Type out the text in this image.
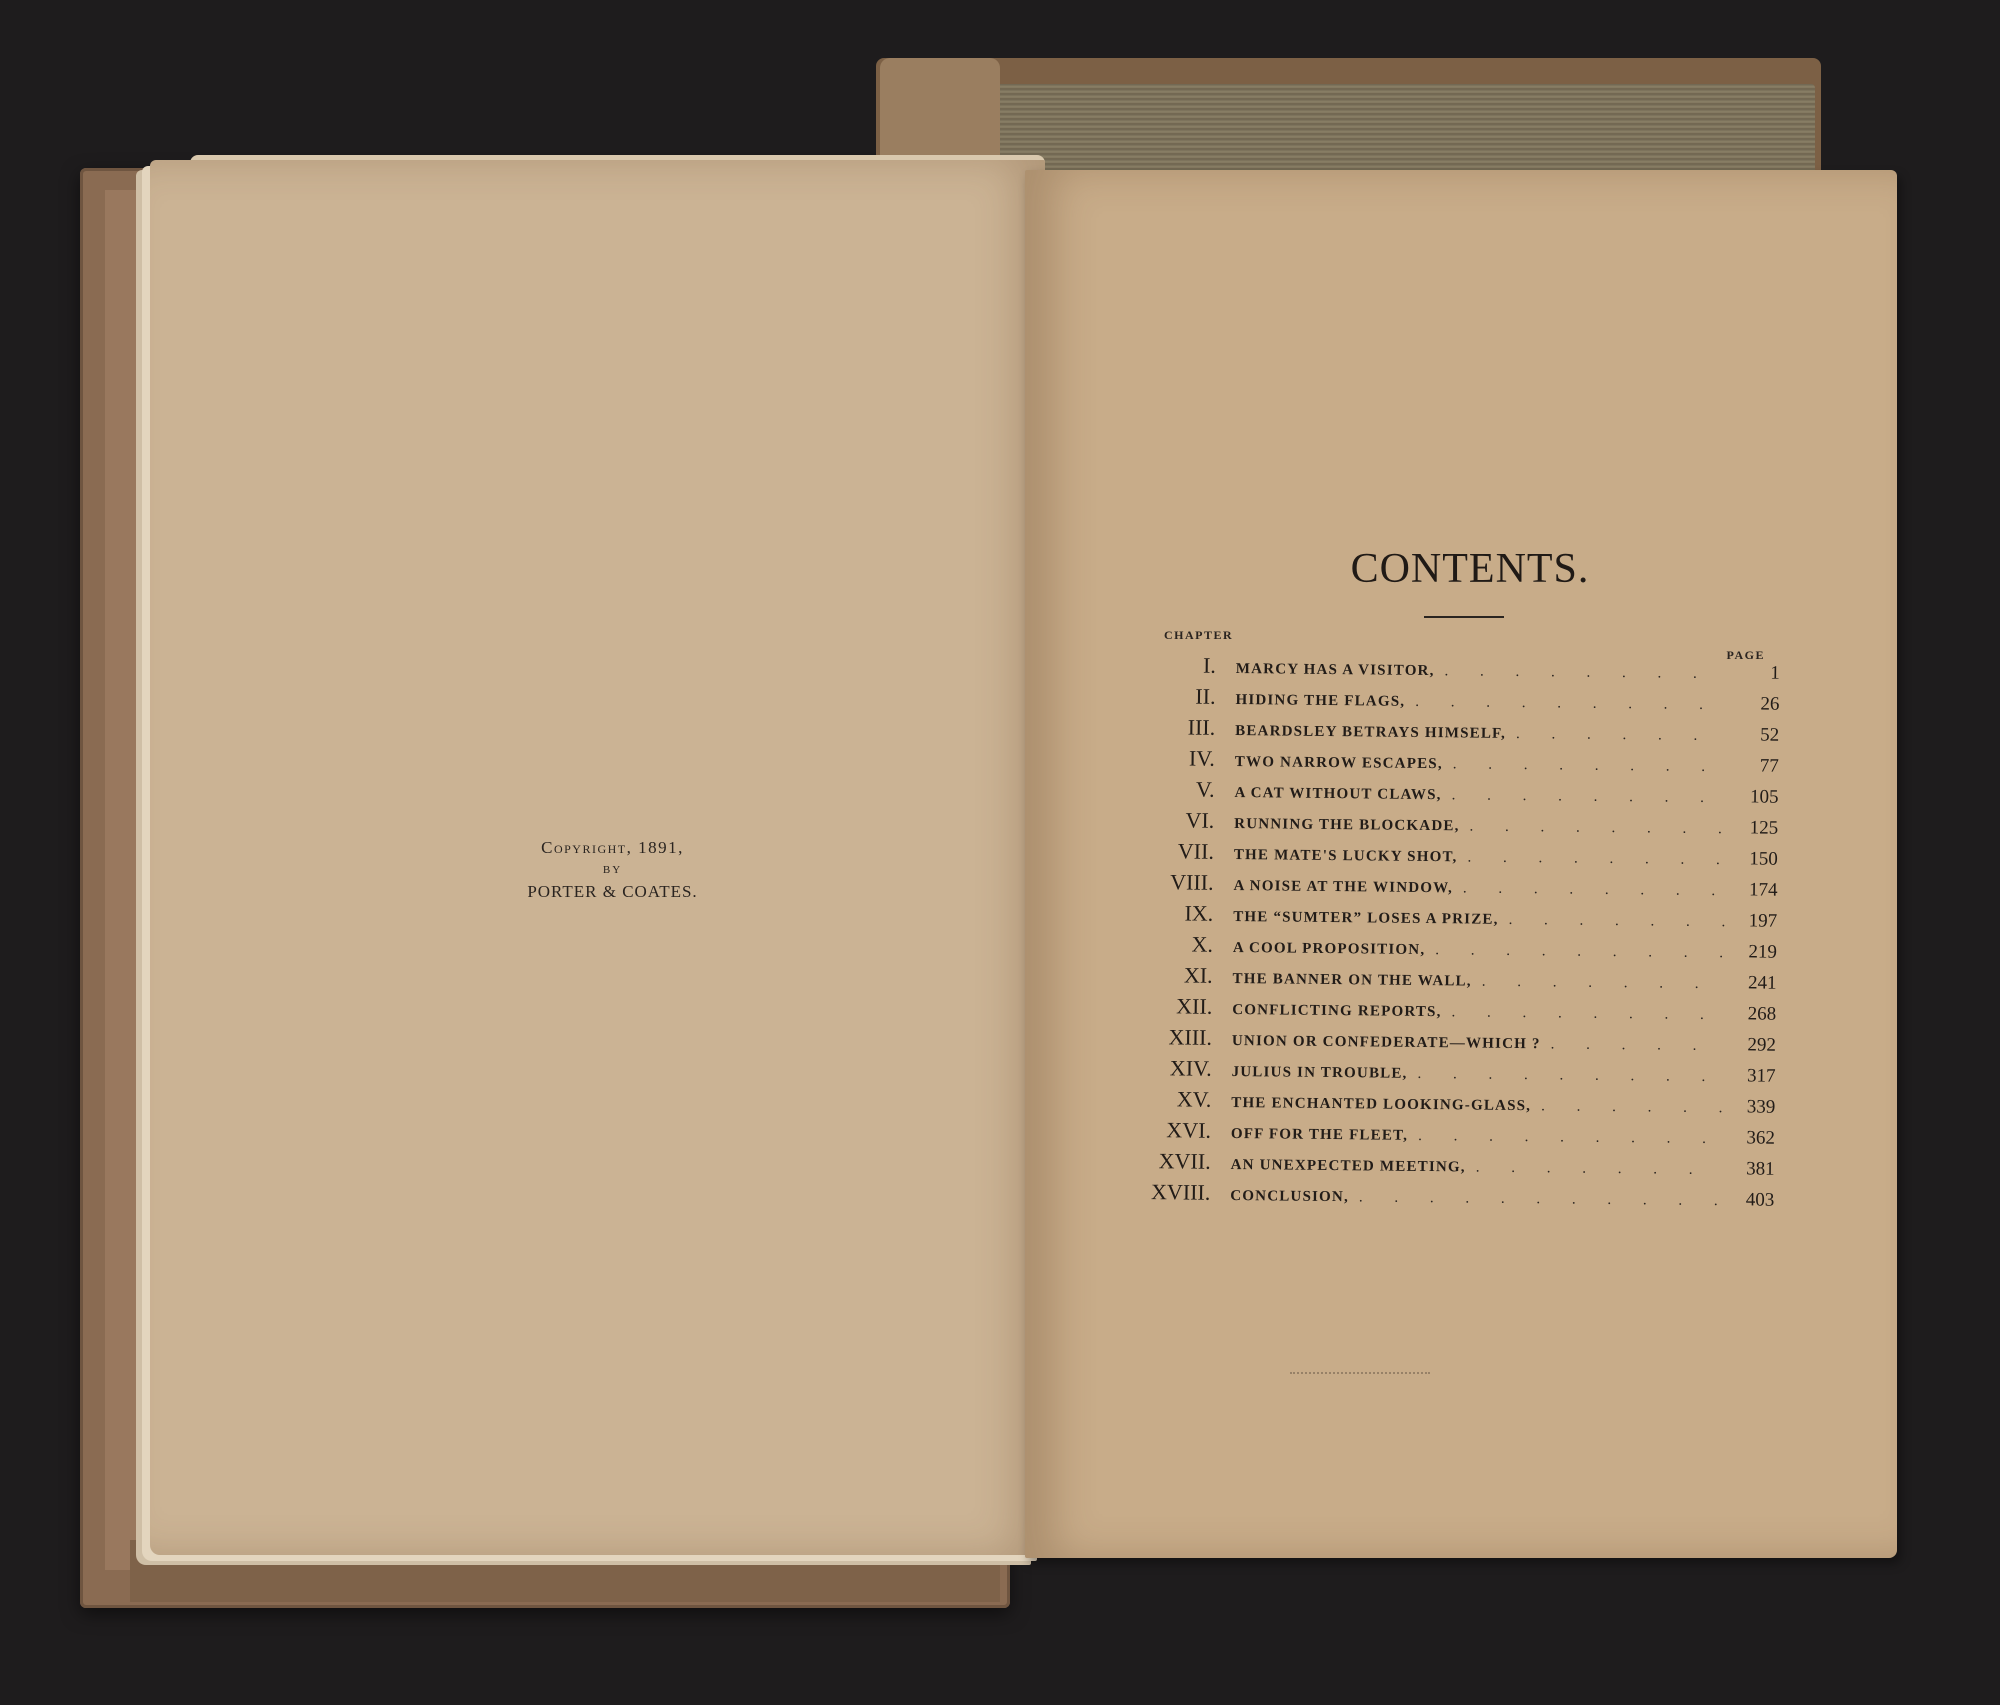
Copyright, 1891,
BY
PORTER & COATES.
CONTENTS.
CHAPTER
PAGE
I.	MARCY HAS A VISITOR, . . .	1
II.	HIDING THE FLAGS, . . .	26
III.	BEARDSLEY BETRAYS HIMSELF, . . .	52
IV.	TWO NARROW ESCAPES, . . .	77
V.	A CAT WITHOUT CLAWS, . . .	105
VI.	RUNNING THE BLOCKADE, . . .	125
VII.	THE MATE'S LUCKY SHOT, . . .	150
VIII.	A NOISE AT THE WINDOW, . . .	174
IX.	THE “SUMTER” LOSES A PRIZE, . . .	197
X.	A COOL PROPOSITION, . . .	219
XI.	THE BANNER ON THE WALL, . . .	241
XII.	CONFLICTING REPORTS, . . .	268
XIII.	UNION OR CONFEDERATE—WHICH ? . . .	292
XIV.	JULIUS IN TROUBLE, . . .	317
XV.	THE ENCHANTED LOOKING-GLASS, . . .	339
XVI.	OFF FOR THE FLEET, . . .	362
XVII.	AN UNEXPECTED MEETING, . . .	381
XVIII.	CONCLUSION, . . .	403
